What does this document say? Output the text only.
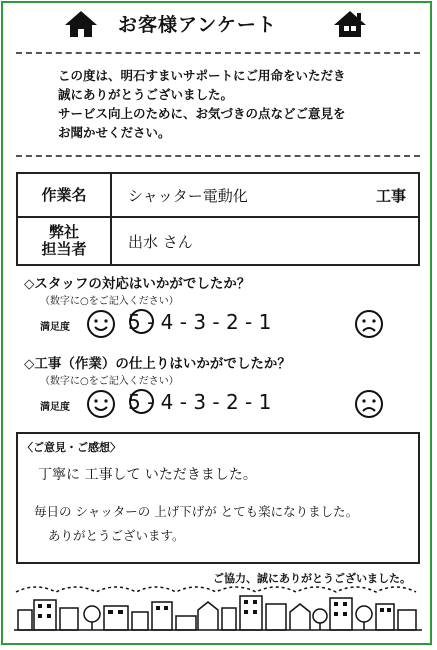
お客様アンケート
この度は、明石すまいサポートにご用命をいただき
誠にありがとうございました。
サービス向上のために、お気づきの点などご意見を
お聞かせください。
作業名	シャッター電動化 工事

弊社
担当者	出水 さん
◇スタッフの対応はいかがでしたか？
（数字に○をご記入ください）
満足度	5 - 4 - 3 - 2 - 1
◇工事（作業）の仕上りはいかがでしたか？
（数字に○をご記入ください）
満足度	5 - 4 - 3 - 2 - 1
〈ご意見・ご感想〉
丁寧に 工事して いただきました。
毎日の シャッターの 上げ下げが とても楽になりました。
ありがとうございます。
ご協力、誠にありがとうございました。
